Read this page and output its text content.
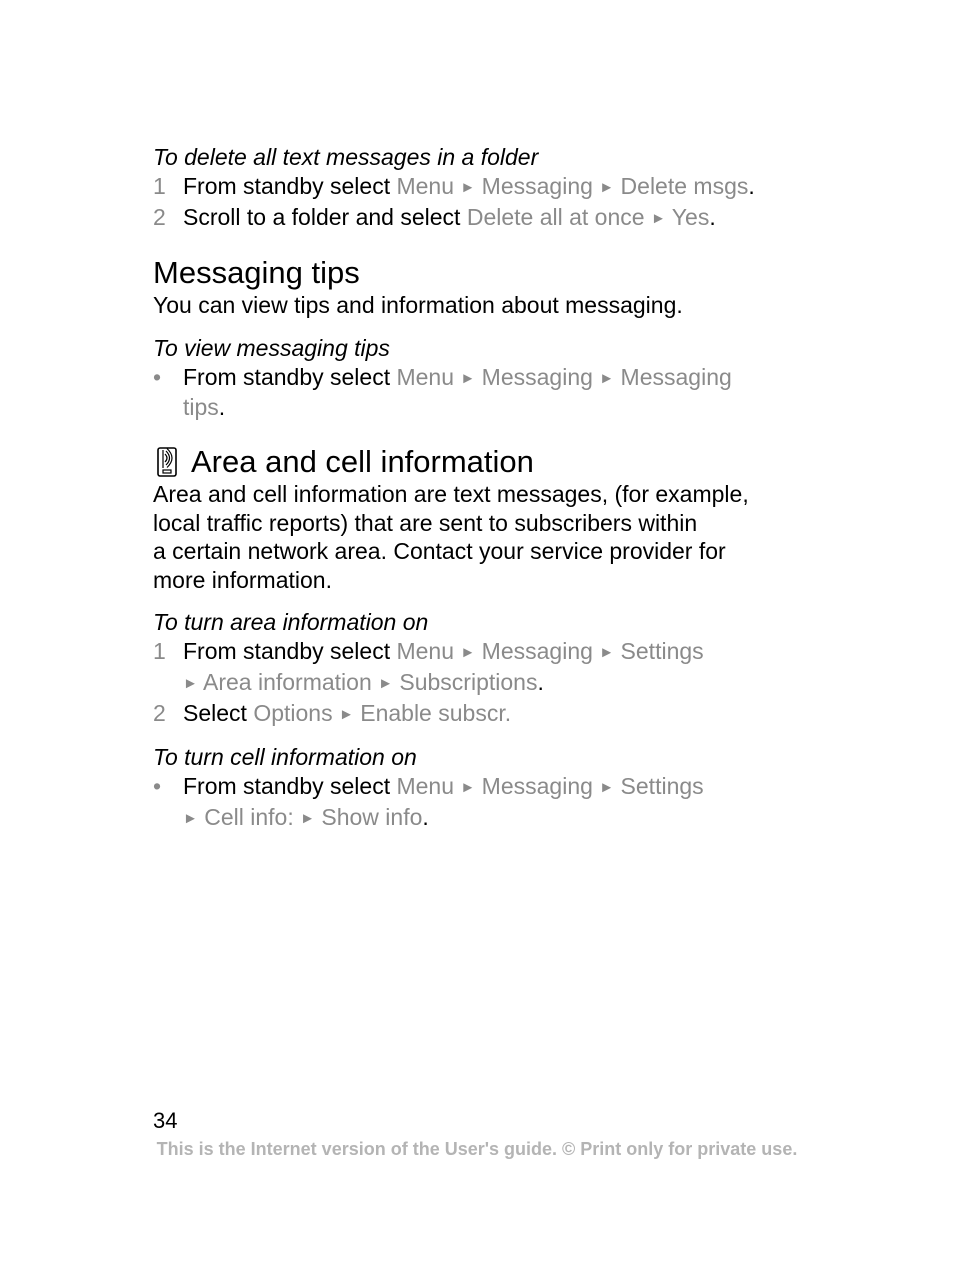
To delete all text messages in a folder

1 From standby select Menu ► Messaging ► Delete msgs.
2 Scroll to a folder and select Delete all at once ► Yes.
Messaging tips

You can view tips and information about messaging.

To view messaging tips

• From standby select Menu ► Messaging ► Messaging
tips.
Area and cell information

Area and cell information are text messages, (for example,
local traffic reports) that are sent to subscribers within
a certain network area. Contact your service provider for
more information.

To turn area information on

1 From standby select Menu ► Messaging ► Settings
► Area information ► Subscriptions.
2 Select Options ► Enable subscr.

To turn cell information on

• From standby select Menu ► Messaging ► Settings
► Cell info: ► Show info.
34
This is the Internet version of the User's guide. © Print only for private use.
